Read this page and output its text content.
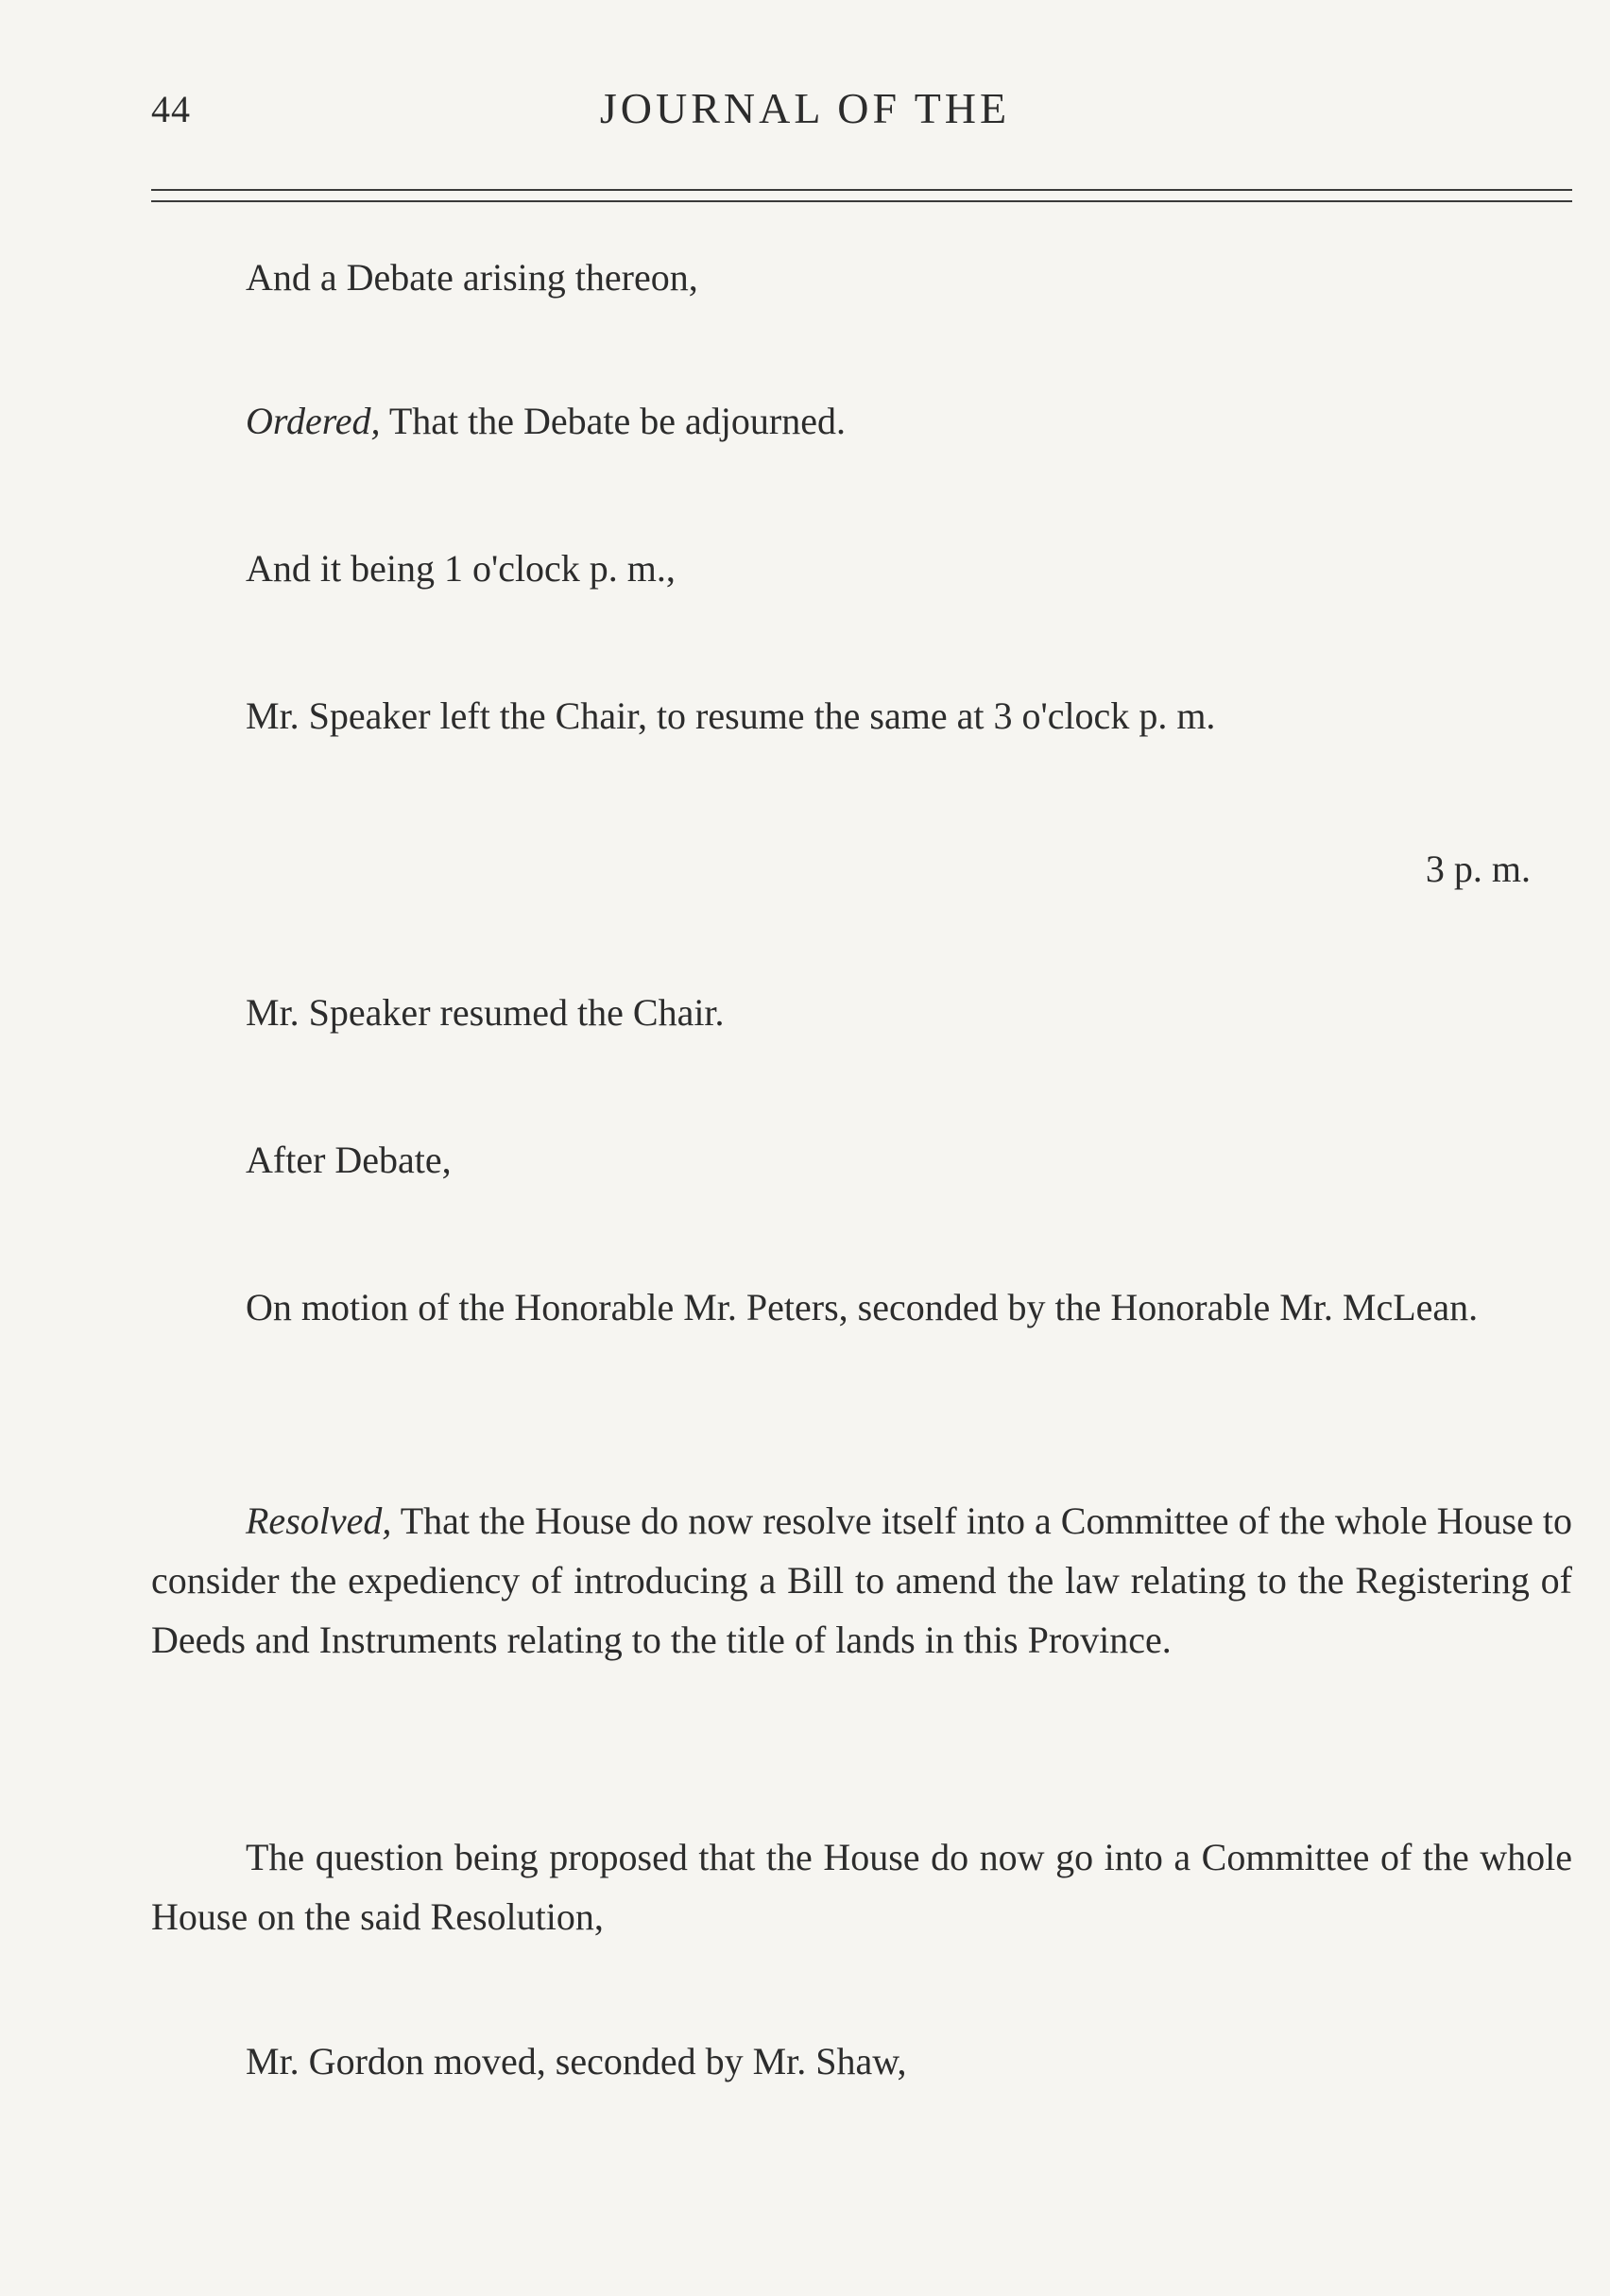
44	JOURNAL OF THE

And a Debate arising thereon,

Ordered, That the Debate be adjourned.

And it being 1 o'clock p. m.,

Mr. Speaker left the Chair, to resume the same at 3 o'clock p. m.

3 p. m.

Mr. Speaker resumed the Chair.

After Debate,

On motion of the Honorable Mr. Peters, seconded by the Honorable Mr. McLean.

Resolved, That the House do now resolve itself into a Committee of the whole House to consider the expediency of introducing a Bill to amend the law relating to the Registering of Deeds and Instruments relating to the title of lands in this Province.

The question being proposed that the House do now go into a Committee of the whole House on the said Resolution,

Mr. Gordon moved, seconded by Mr. Shaw,
